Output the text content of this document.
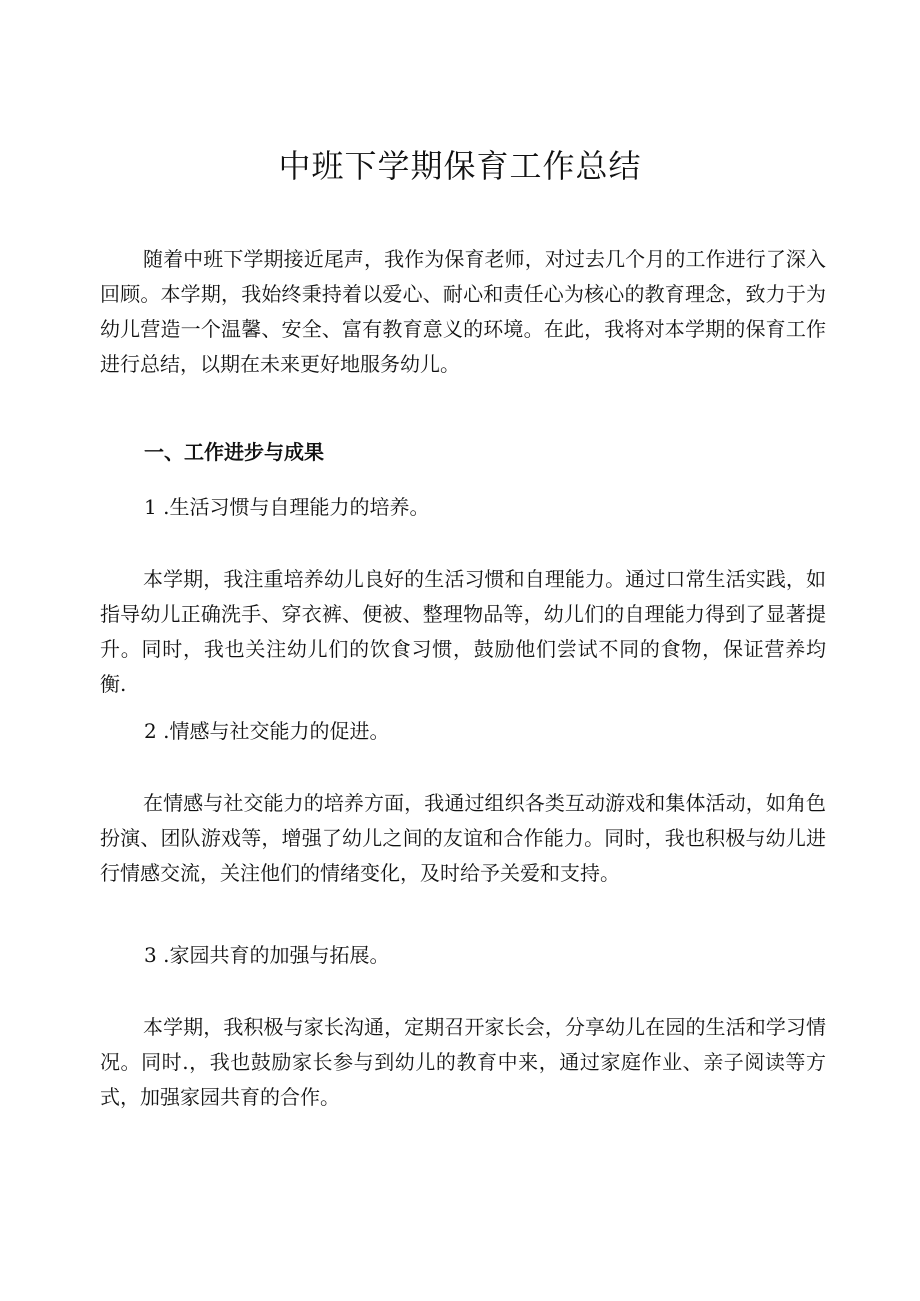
中班下学期保育工作总结

随着中班下学期接近尾声，我作为保育老师，对过去几个月的工作进行了深入回顾。本学期，我始终秉持着以爱心、耐心和责任心为核心的教育理念，致力于为幼儿营造一个温馨、安全、富有教育意义的环境。在此，我将对本学期的保育工作进行总结，以期在未来更好地服务幼儿。

一、工作进步与成果

1 .生活习惯与自理能力的培养。

本学期，我注重培养幼儿良好的生活习惯和自理能力。通过口常生活实践，如指导幼儿正确洗手、穿衣裤、便被、整理物品等，幼儿们的自理能力得到了显著提升。同时，我也关注幼儿们的饮食习惯，鼓励他们尝试不同的食物，保证营养均衡.

2 .情感与社交能力的促进。

在情感与社交能力的培养方面，我通过组织各类互动游戏和集体活动，如角色扮演、团队游戏等，增强了幼儿之间的友谊和合作能力。同时，我也积极与幼儿进行情感交流，关注他们的情绪变化，及时给予关爱和支持。

3 .家园共育的加强与拓展。

本学期，我积极与家长沟通，定期召开家长会，分享幼儿在园的生活和学习情况。同时.，我也鼓励家长参与到幼儿的教育中来，通过家庭作业、亲子阅读等方式，加强家园共育的合作。
